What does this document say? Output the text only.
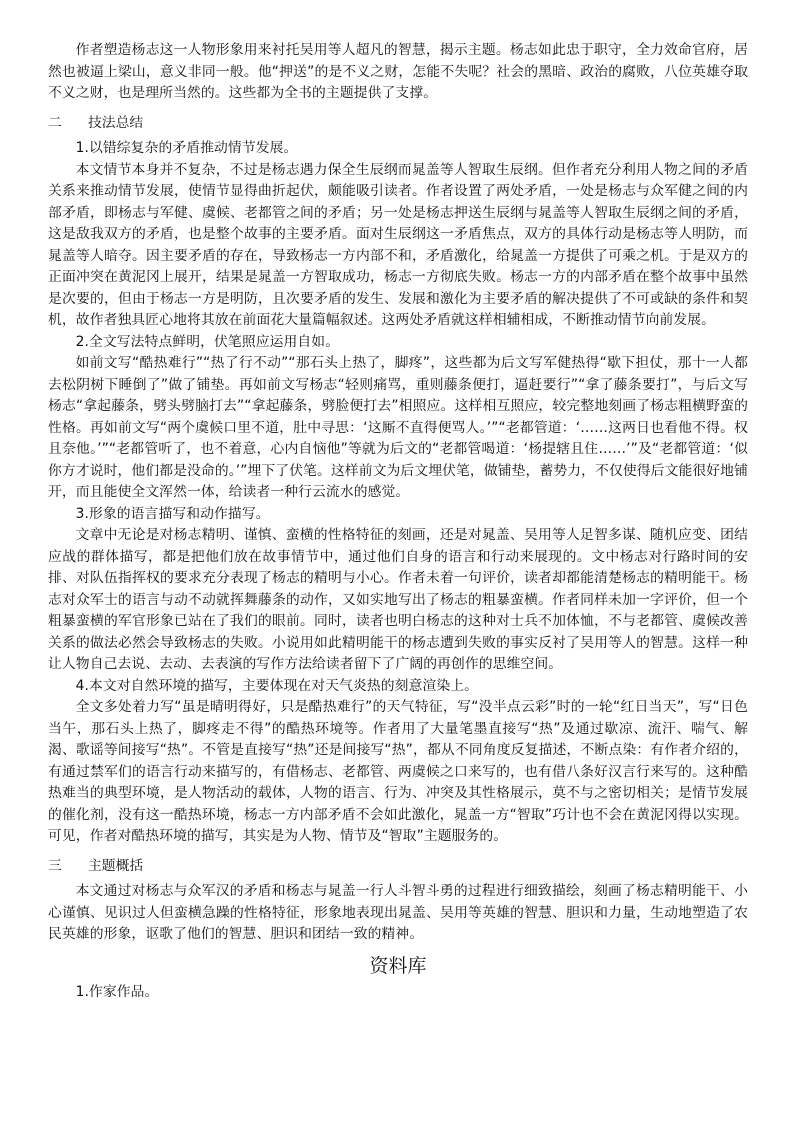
作者塑造杨志这一人物形象用来衬托吴用等人超凡的智慧，揭示主题。杨志如此忠于职守，全力效命官府，居然也被逼上梁山，意义非同一般。他“押送”的是不义之财，怎能不失呢？社会的黑暗、政治的腐败，八位英雄夺取不义之财，也是理所当然的。这些都为全书的主题提供了支撑。

二 技法总结

1.以错综复杂的矛盾推动情节发展。

本文情节本身并不复杂，不过是杨志遇力保全生辰纲而晁盖等人智取生辰纲。但作者充分利用人物之间的矛盾关系来推动情节发展，使情节显得曲折起伏，颇能吸引读者。作者设置了两处矛盾，一处是杨志与众军健之间的内部矛盾，即杨志与军健、虞候、老都管之间的矛盾；另一处是杨志押送生辰纲与晁盖等人智取生辰纲之间的矛盾，这是敌我双方的矛盾，也是整个故事的主要矛盾。面对生辰纲这一矛盾焦点，双方的具体行动是杨志等人明防，而晁盖等人暗夺。因主要矛盾的存在，导致杨志一方内部不和，矛盾激化，给晁盖一方提供了可乘之机。于是双方的正面冲突在黄泥冈上展开，结果是晁盖一方智取成功，杨志一方彻底失败。杨志一方的内部矛盾在整个故事中虽然是次要的，但由于杨志一方是明防，且次要矛盾的发生、发展和激化为主要矛盾的解决提供了不可或缺的条件和契机，故作者独具匠心地将其放在前面花大量篇幅叙述。这两处矛盾就这样相辅相成，不断推动情节向前发展。

2.全文写法特点鲜明，伏笔照应运用自如。

如前文写“酷热难行”“热了行不动”“那石头上热了，脚疼”，这些都为后文写军健热得“歇下担仗，那十一人都去松阴树下睡倒了”做了铺垫。再如前文写杨志“轻则痛骂，重则藤条便打，逼赶要行”“拿了藤条要打”，与后文写杨志“拿起藤条，劈头劈脑打去”“拿起藤条，劈脸便打去”相照应。这样相互照应，较完整地刻画了杨志粗横野蛮的性格。再如前文写“两个虞候口里不道，肚中寻思：‘这厮不直得便骂人。’”“老都管道：‘……这两日也看他不得。权且奈他。’”“老都管听了，也不着意，心内自恼他”等就为后文的“老都管喝道：‘杨提辖且住……’”及“老都管道：‘似你方才说时，他们都是没命的。’”埋下了伏笔。这样前文为后文埋伏笔，做铺垫，蓄势力，不仅使得后文能很好地铺开，而且能使全文浑然一体，给读者一种行云流水的感觉。

3.形象的语言描写和动作描写。

文章中无论是对杨志精明、谨慎、蛮横的性格特征的刻画，还是对晁盖、吴用等人足智多谋、随机应变、团结应战的群体描写，都是把他们放在故事情节中，通过他们自身的语言和行动来展现的。文中杨志对行路时间的安排、对队伍指挥权的要求充分表现了杨志的精明与小心。作者未着一句评价，读者却都能清楚杨志的精明能干。杨志对众军士的语言与动不动就挥舞藤条的动作，又如实地写出了杨志的粗暴蛮横。作者同样未加一字评价，但一个粗暴蛮横的军官形象已站在了我们的眼前。同时，读者也明白杨志的这种对士兵不加体恤，不与老都管、虞候改善关系的做法必然会导致杨志的失败。小说用如此精明能干的杨志遭到失败的事实反衬了吴用等人的智慧。这样一种让人物自己去说、去动、去表演的写作方法给读者留下了广阔的再创作的思维空间。

4.本文对自然环境的描写，主要体现在对天气炎热的刻意渲染上。

全文多处着力写“虽是晴明得好，只是酷热难行”的天气特征，写“没半点云彩”时的一轮“红日当天”，写“日色当午，那石头上热了，脚疼走不得”的酷热环境等。作者用了大量笔墨直接写“热”及通过歇凉、流汗、喘气、解渴、歌谣等间接写“热”。不管是直接写“热”还是间接写“热”，都从不同角度反复描述，不断点染：有作者介绍的，有通过禁军们的语言行动来描写的，有借杨志、老都管、两虞候之口来写的，也有借八条好汉言行来写的。这种酷热难当的典型环境，是人物活动的载体，人物的语言、行为、冲突及其性格展示，莫不与之密切相关；是情节发展的催化剂，没有这一酷热环境，杨志一方内部矛盾不会如此激化，晁盖一方“智取”巧计也不会在黄泥冈得以实现。可见，作者对酷热环境的描写，其实是为人物、情节及“智取”主题服务的。

三 主题概括

本文通过对杨志与众军汉的矛盾和杨志与晁盖一行人斗智斗勇的过程进行细致描绘，刻画了杨志精明能干、小心谨慎、见识过人但蛮横急躁的性格特征，形象地表现出晁盖、吴用等英雄的智慧、胆识和力量，生动地塑造了农民英雄的形象，讴歌了他们的智慧、胆识和团结一致的精神。

资料库

1.作家作品。
